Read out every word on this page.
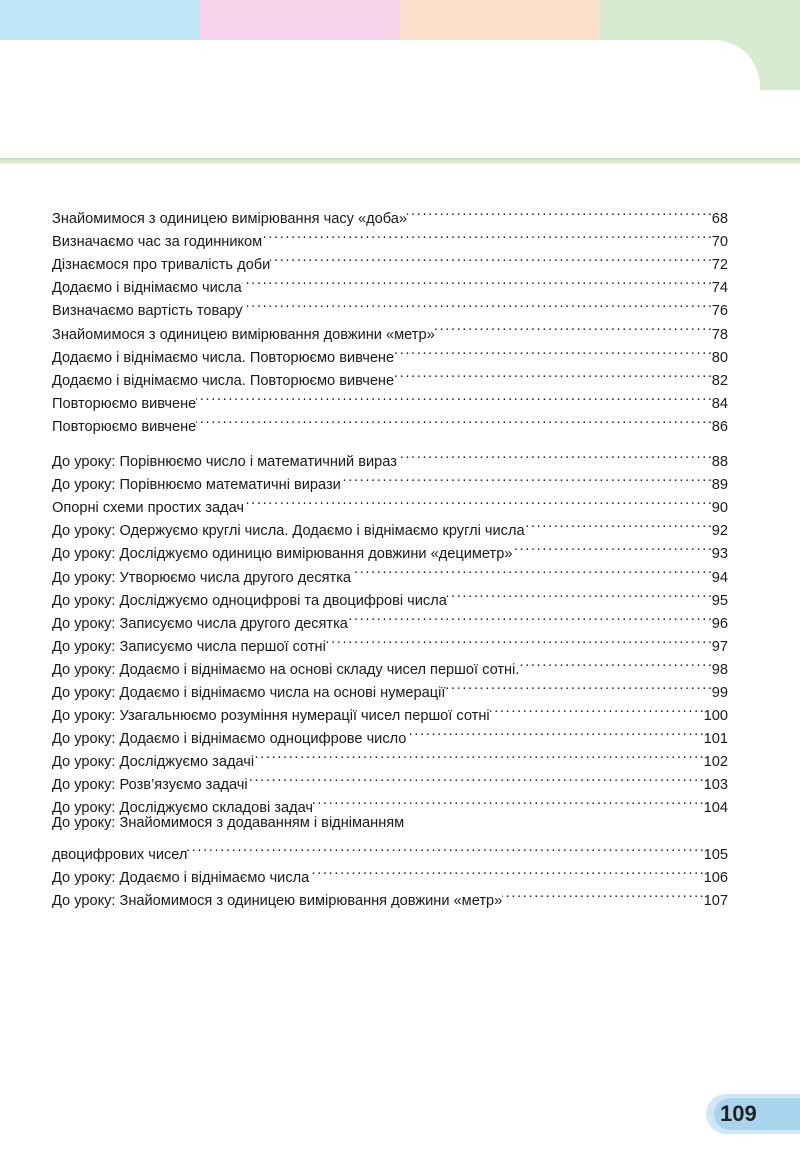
Знайомимося з одиницею вимірювання часу «доба» . . .	68
Визначаємо час за годинником . . .	70
Дізнаємося про тривалість доби . . .	72
Додаємо і віднімаємо числа . . .	74
Визначаємо вартість товару . . .	76
Знайомимося з одиницею вимірювання довжини «метр» . . .	78
Додаємо і віднімаємо числа. Повторюємо вивчене . . .	80
Додаємо і віднімаємо числа. Повторюємо вивчене . . .	82
Повторюємо вивчене . . .	84
Повторюємо вивчене . . .	86
До уроку: Порівнюємо число і математичний вираз . . .	88
До уроку: Порівнюємо математичні вирази . . .	89
Опорні схеми простих задач . . .	90
До уроку: Одержуємо круглі числа. Додаємо і віднімаємо круглі числа . . .	92
До уроку: Досліджуємо одиницю вимірювання довжини «дециметр» . . .	93
До уроку: Утворюємо числа другого десятка . . .	94
До уроку: Досліджуємо одноцифрові та двоцифрові числа . . .	95
До уроку: Записуємо числа другого десятка . . .	96
До уроку: Записуємо числа першої сотні . . .	97
До уроку: Додаємо і віднімаємо на основі складу чисел першої сотні. . . .	98
До уроку: Додаємо і віднімаємо числа на основі нумерації . . .	99
До уроку: Узагальнюємо розуміння нумерації чисел першої сотні . . .	100
До уроку: Додаємо і віднімаємо одноцифрове число . . .	101
До уроку: Досліджуємо задачі . . .	102
До уроку: Розв’язуємо задачі . . .	103
До уроку: Досліджуємо складові задач . . .	104
До уроку: Знайомимося з додаванням і відніманням
двоцифрових чисел . . .	105
До уроку: Додаємо і віднімаємо числа . . .	106
До уроку: Знайомимося з одиницею вимірювання довжини «метр» . . .	107
109
